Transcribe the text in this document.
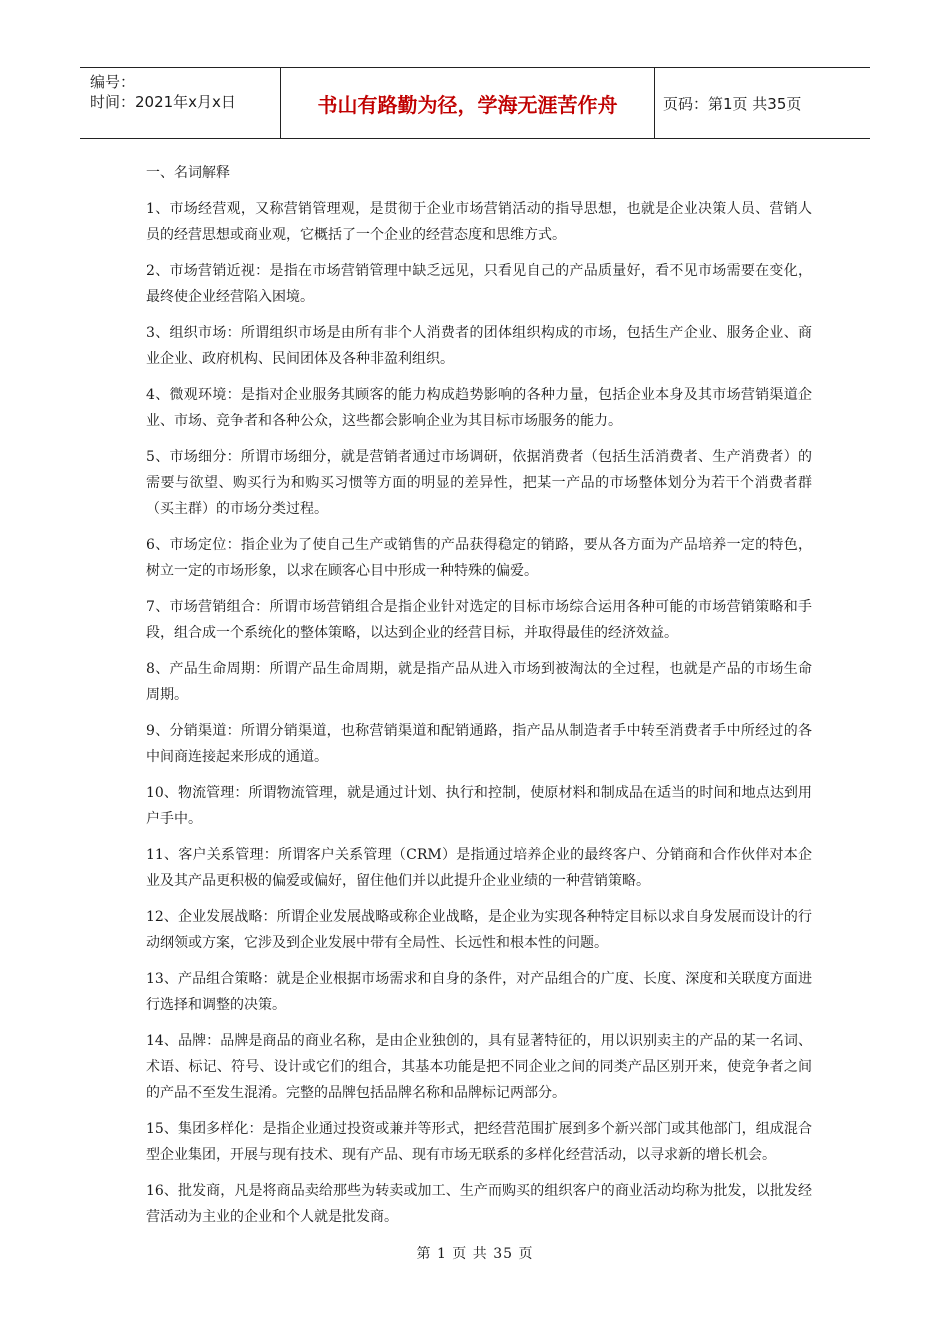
编号：
时间：2021年x月x日	书山有路勤为径，学海无涯苦作舟	页码：第1页 共35页
一、名词解释
1、市场经营观，又称营销管理观，是贯彻于企业市场营销活动的指导思想，也就是企业决策人员、营销人员的经营思想或商业观，它概括了一个企业的经营态度和思维方式。
2、市场营销近视：是指在市场营销管理中缺乏远见，只看见自己的产品质量好，看不见市场需要在变化，最终使企业经营陷入困境。
3、组织市场：所谓组织市场是由所有非个人消费者的团体组织构成的市场，包括生产企业、服务企业、商业企业、政府机构、民间团体及各种非盈利组织。
4、微观环境：是指对企业服务其顾客的能力构成趋势影响的各种力量，包括企业本身及其市场营销渠道企业、市场、竞争者和各种公众，这些都会影响企业为其目标市场服务的能力。
5、市场细分：所谓市场细分，就是营销者通过市场调研，依据消费者（包括生活消费者、生产消费者）的需要与欲望、购买行为和购买习惯等方面的明显的差异性，把某一产品的市场整体划分为若干个消费者群（买主群）的市场分类过程。
6、市场定位：指企业为了使自己生产或销售的产品获得稳定的销路，要从各方面为产品培养一定的特色，树立一定的市场形象，以求在顾客心目中形成一种特殊的偏爱。
7、市场营销组合：所谓市场营销组合是指企业针对选定的目标市场综合运用各种可能的市场营销策略和手段，组合成一个系统化的整体策略，以达到企业的经营目标，并取得最佳的经济效益。
8、产品生命周期：所谓产品生命周期，就是指产品从进入市场到被淘汰的全过程，也就是产品的市场生命周期。
9、分销渠道：所谓分销渠道，也称营销渠道和配销通路，指产品从制造者手中转至消费者手中所经过的各中间商连接起来形成的通道。
10、物流管理：所谓物流管理，就是通过计划、执行和控制，使原材料和制成品在适当的时间和地点达到用户手中。
11、客户关系管理：所谓客户关系管理（CRM）是指通过培养企业的最终客户、分销商和合作伙伴对本企业及其产品更积极的偏爱或偏好，留住他们并以此提升企业业绩的一种营销策略。
12、企业发展战略：所谓企业发展战略或称企业战略，是企业为实现各种特定目标以求自身发展而设计的行动纲领或方案，它涉及到企业发展中带有全局性、长远性和根本性的问题。
13、产品组合策略：就是企业根据市场需求和自身的条件，对产品组合的广度、长度、深度和关联度方面进行选择和调整的决策。
14、品牌：品牌是商品的商业名称，是由企业独创的，具有显著特征的，用以识别卖主的产品的某一名词、术语、标记、符号、设计或它们的组合，其基本功能是把不同企业之间的同类产品区别开来，使竞争者之间的产品不至发生混淆。完整的品牌包括品牌名称和品牌标记两部分。
15、集团多样化：是指企业通过投资或兼并等形式，把经营范围扩展到多个新兴部门或其他部门，组成混合型企业集团，开展与现有技术、现有产品、现有市场无联系的多样化经营活动，以寻求新的增长机会。
16、批发商，凡是将商品卖给那些为转卖或加工、生产而购买的组织客户的商业活动均称为批发，以批发经营活动为主业的企业和个人就是批发商。
第 1 页 共 35 页
